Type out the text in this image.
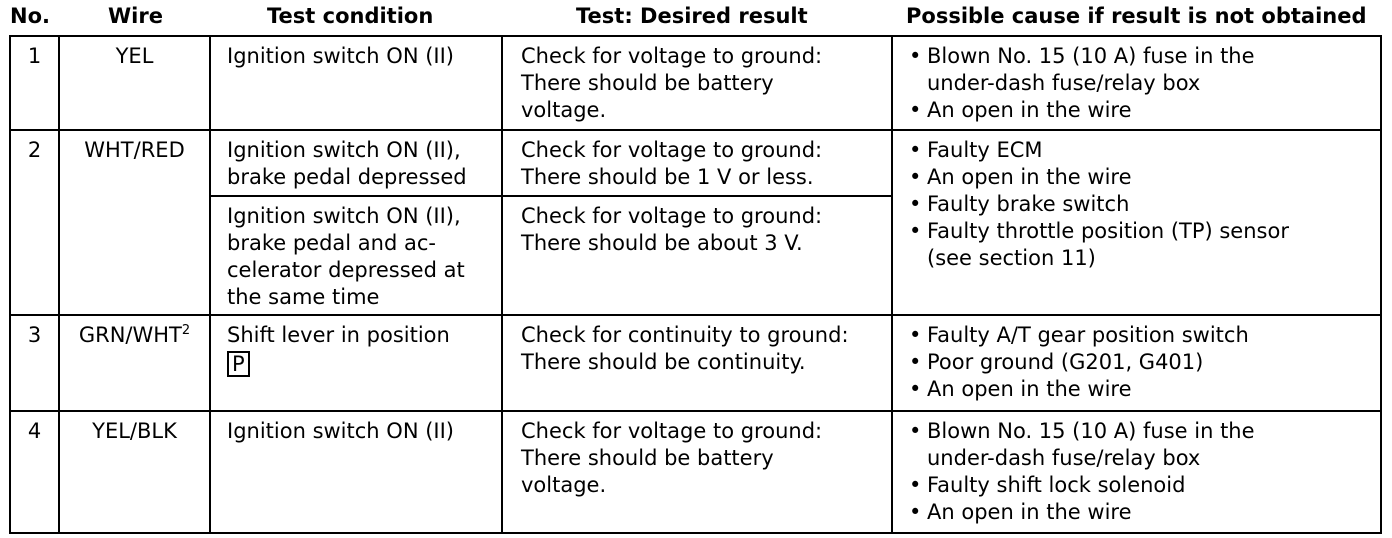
No.	Wire	Test condition	Test: Desired result	Possible cause if result is not obtained
1	YEL	Ignition switch ON (II)	Check for voltage to ground:
There should be battery
voltage.	•Blown No. 15 (10 A) fuse in the
under-dash fuse/relay box
•An open in the wire

2	WHT/RED	Ignition switch ON (II),
brake pedal depressed	Check for voltage to ground:
There should be 1 V or less.	•Faulty ECM
•An open in the wire
•Faulty brake switch
•Faulty throttle position (TP) sensor
(see section 11)

		Ignition switch ON (II),
brake pedal and ac-
celerator depressed at
the same time	Check for voltage to ground:
There should be about 3 V.	

3	GRN/WHT$^2$	Shift lever in position
P	Check for continuity to ground:
There should be continuity.	•Faulty A/T gear position switch
•Poor ground (G201, G401)
•An open in the wire

4	YEL/BLK	Ignition switch ON (II)	Check for voltage to ground:
There should be battery
voltage.	•Blown No. 15 (10 A) fuse in the
under-dash fuse/relay box
•Faulty shift lock solenoid
•An open in the wire
